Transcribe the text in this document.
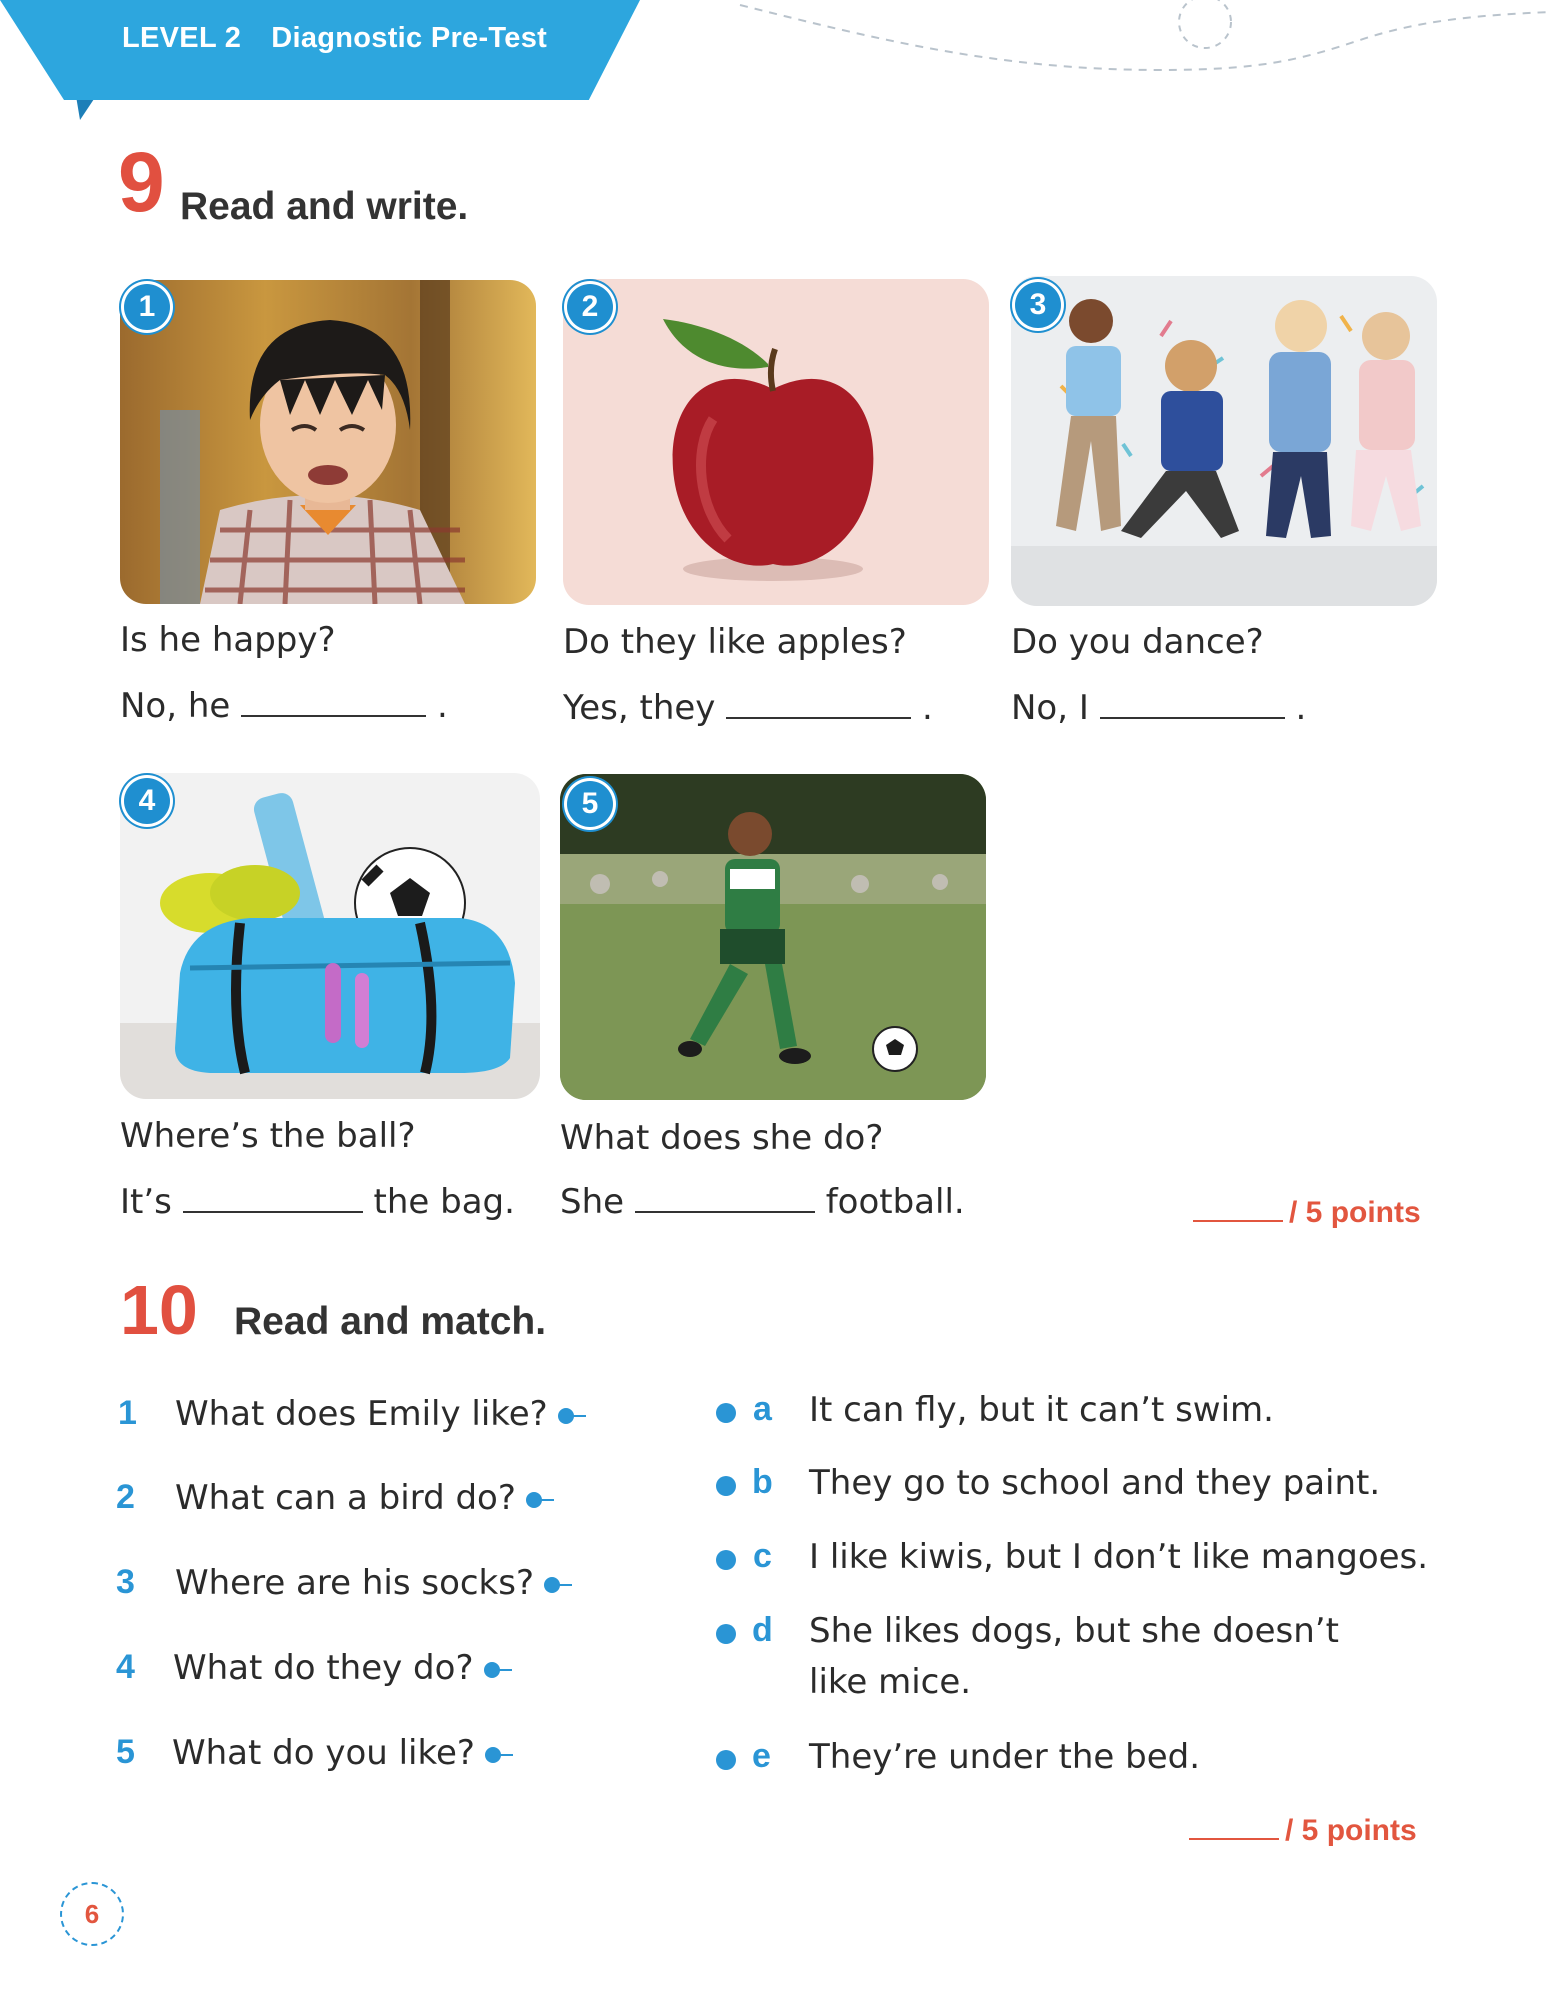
LEVEL 2 Diagnostic Pre-Test
9 Read and write.
1
Is he happy?
No, he	.
2
Do they like apples?
Yes, they	.
3
Do you dance?
No, I	.
4
Where’s the ball?
It’s	the bag.
5
What does she do?
She	football.	/ 5 points
10 Read and match.
1 What does Emily like?
2 What can a bird do?
3 Where are his socks?
4 What do they do?
5 What do you like?
a It can fly, but it can’t swim.
b They go to school and they paint.
c I like kiwis, but I don’t like mangoes.
d She likes dogs, but she doesn’t
like mice.
e They’re under the bed.
/ 5 points
6
